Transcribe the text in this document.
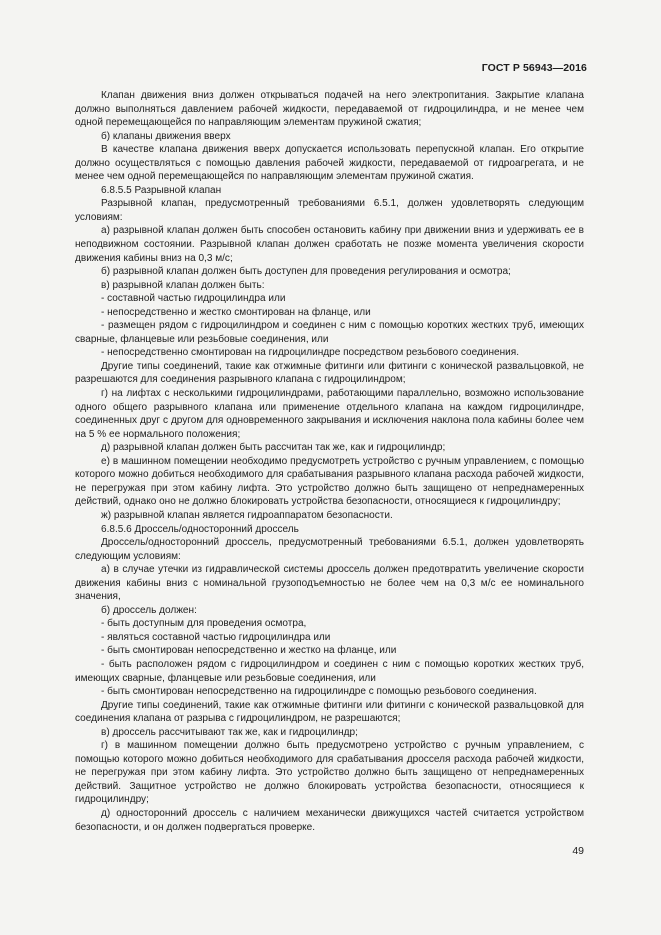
ГОСТ Р 56943—2016

Клапан движения вниз должен открываться подачей на него электропитания. Закрытие клапана должно выполняться давлением рабочей жидкости, передаваемой от гидроцилиндра, и не менее чем одной перемещающейся по направляющим элементам пружиной сжатия;

б) клапаны движения вверх

В качестве клапана движения вверх допускается использовать перепускной клапан. Его открытие должно осуществляться с помощью давления рабочей жидкости, передаваемой от гидроагрегата, и не менее чем одной перемещающейся по направляющим элементам пружиной сжатия.

6.8.5.5 Разрывной клапан

Разрывной клапан, предусмотренный требованиями 6.5.1, должен удовлетворять следующим условиям:

а) разрывной клапан должен быть способен остановить кабину при движении вниз и удерживать ее в неподвижном состоянии. Разрывной клапан должен сработать не позже момента увеличения скорости движения кабины вниз на 0,3 м/с;

б) разрывной клапан должен быть доступен для проведения регулирования и осмотра;

в) разрывной клапан должен быть:

- составной частью гидроцилиндра или

- непосредственно и жестко смонтирован на фланце, или

- размещен рядом с гидроцилиндром и соединен с ним с помощью коротких жестких труб, имеющих сварные, фланцевые или резьбовые соединения, или

- непосредственно смонтирован на гидроцилиндре посредством резьбового соединения.

Другие типы соединений, такие как отжимные фитинги или фитинги с конической развальцовкой, не разрешаются для соединения разрывного клапана с гидроцилиндром;

г) на лифтах с несколькими гидроцилиндрами, работающими параллельно, возможно использование одного общего разрывного клапана или применение отдельного клапана на каждом гидроцилиндре, соединенных друг с другом для одновременного закрывания и исключения наклона пола кабины более чем на 5 % ее нормального положения;

д) разрывной клапан должен быть рассчитан так же, как и гидроцилиндр;

е) в машинном помещении необходимо предусмотреть устройство с ручным управлением, с помощью которого можно добиться необходимого для срабатывания разрывного клапана расхода рабочей жидкости, не перегружая при этом кабину лифта. Это устройство должно быть защищено от непреднамеренных действий, однако оно не должно блокировать устройства безопасности, относящиеся к гидроцилиндру;

ж) разрывной клапан является гидроаппаратом безопасности.

6.8.5.6 Дроссель/односторонний дроссель

Дроссель/односторонний дроссель, предусмотренный требованиями 6.5.1, должен удовлетворять следующим условиям:

а) в случае утечки из гидравлической системы дроссель должен предотвратить увеличение скорости движения кабины вниз с номинальной грузоподъемностью не более чем на 0,3 м/с ее номинального значения,

б) дроссель должен:

- быть доступным для проведения осмотра,

- являться составной частью гидроцилиндра или

- быть смонтирован непосредственно и жестко на фланце, или

- быть расположен рядом с гидроцилиндром и соединен с ним с помощью коротких жестких труб, имеющих сварные, фланцевые или резьбовые соединения, или

- быть смонтирован непосредственно на гидроцилиндре с помощью резьбового соединения.

Другие типы соединений, такие как отжимные фитинги или фитинги с конической развальцовкой для соединения клапана от разрыва с гидроцилиндром, не разрешаются;

в) дроссель рассчитывают так же, как и гидроцилиндр;

г) в машинном помещении должно быть предусмотрено устройство с ручным управлением, с помощью которого можно добиться необходимого для срабатывания дросселя расхода рабочей жидкости, не перегружая при этом кабину лифта. Это устройство должно быть защищено от непреднамеренных действий. Защитное устройство не должно блокировать устройства безопасности, относящиеся к гидроцилиндру;

д) односторонний дроссель с наличием механически движущихся частей считается устройством безопасности, и он должен подвергаться проверке.

49
